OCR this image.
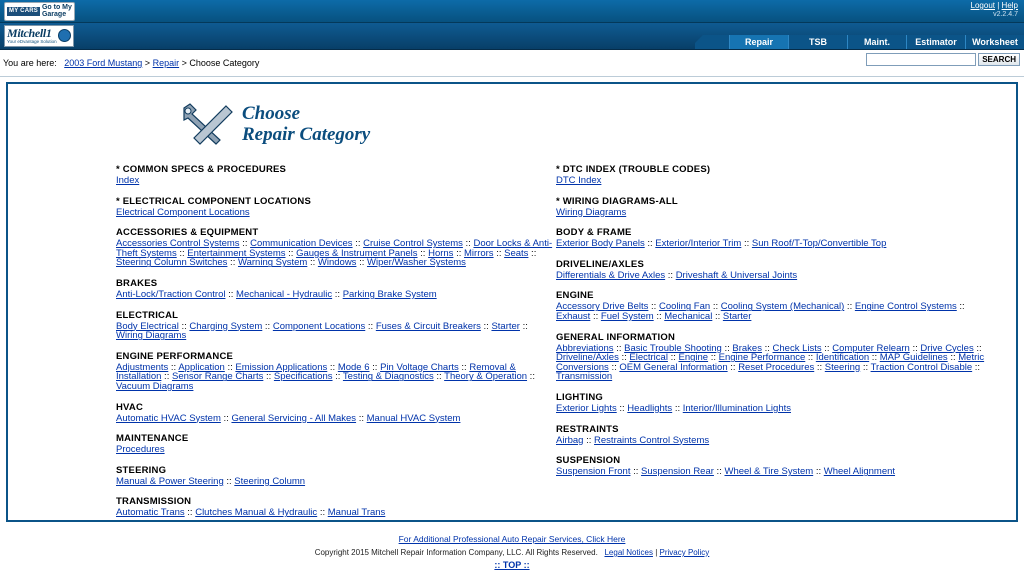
MY CARS Go to My
Garage
Logout | Help
v2.2.4.7
Mitchell1
Your eDvantage Solution	Repair	TSB	Maint.	Estimator	Worksheet
You are here: 2003 Ford Mustang > Repair > Choose Category	SEARCH
Choose
Repair Category
* COMMON SPECS & PROCEDURES
Index
* ELECTRICAL COMPONENT LOCATIONS
Electrical Component Locations
ACCESSORIES & EQUIPMENT
Accessories Control Systems :: Communication Devices :: Cruise Control Systems :: Door Locks & Anti-Theft Systems :: Entertainment Systems :: Gauges & Instrument Panels :: Horns :: Mirrors :: Seats :: Steering Column Switches :: Warning System :: Windows :: Wiper/Washer Systems
BRAKES
Anti-Lock/Traction Control :: Mechanical - Hydraulic :: Parking Brake System
ELECTRICAL
Body Electrical :: Charging System :: Component Locations :: Fuses & Circuit Breakers :: Starter :: Wiring Diagrams
ENGINE PERFORMANCE
Adjustments :: Application :: Emission Applications :: Mode 6 :: Pin Voltage Charts :: Removal & Installation :: Sensor Range Charts :: Specifications :: Testing & Diagnostics :: Theory & Operation :: Vacuum Diagrams
HVAC
Automatic HVAC System :: General Servicing - All Makes :: Manual HVAC System
MAINTENANCE
Procedures
STEERING
Manual & Power Steering :: Steering Column
TRANSMISSION
Automatic Trans :: Clutches Manual & Hydraulic :: Manual Trans
* DTC INDEX (TROUBLE CODES)
DTC Index
* WIRING DIAGRAMS-ALL
Wiring Diagrams
BODY & FRAME
Exterior Body Panels :: Exterior/Interior Trim :: Sun Roof/T-Top/Convertible Top
DRIVELINE/AXLES
Differentials & Drive Axles :: Driveshaft & Universal Joints
ENGINE
Accessory Drive Belts :: Cooling Fan :: Cooling System (Mechanical) :: Engine Control Systems :: Exhaust :: Fuel System :: Mechanical :: Starter
GENERAL INFORMATION
Abbreviations :: Basic Trouble Shooting :: Brakes :: Check Lists :: Computer Relearn :: Drive Cycles :: Driveline/Axles :: Electrical :: Engine :: Engine Performance :: Identification :: MAP Guidelines :: Metric Conversions :: OEM General Information :: Reset Procedures :: Steering :: Traction Control Disable :: Transmission
LIGHTING
Exterior Lights :: Headlights :: Interior/Illumination Lights
RESTRAINTS
Airbag :: Restraints Control Systems
SUSPENSION
Suspension Front :: Suspension Rear :: Wheel & Tire System :: Wheel Alignment
For Additional Professional Auto Repair Services, Click Here
Copyright 2015 Mitchell Repair Information Company, LLC. All Rights Reserved. Legal Notices | Privacy Policy
:: TOP ::
